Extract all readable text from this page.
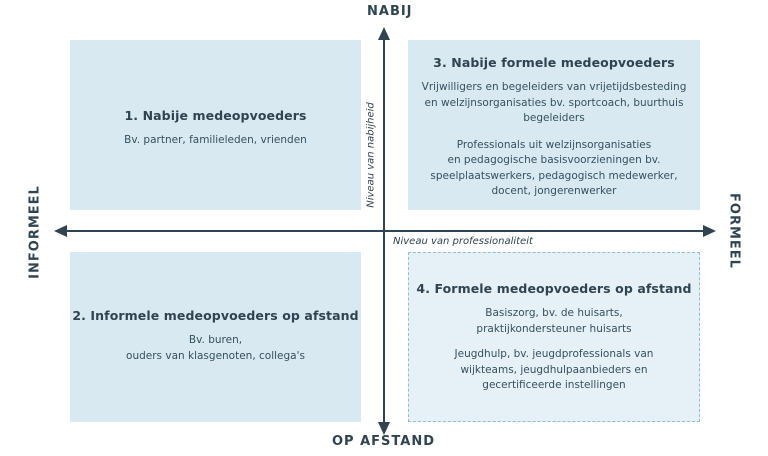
1. Nabije medeopvoeders

Bv. partner, familieleden, vrienden

2. Informele medeopvoeders op afstand

Bv. buren,
ouders van klasgenoten, collega's

3. Nabije formele medeopvoeders

Vrijwilligers en begeleiders van vrijetijdsbesteding
en welzijnsorganisaties bv. sportcoach, buurthuis
begeleiders

Professionals uit welzijnsorganisaties
en pedagogische basisvoorzieningen bv.
speelplaatswerkers, pedagogisch medewerker,
docent, jongerenwerker

4. Formele medeopvoeders op afstand

Basiszorg, bv. de huisarts,
praktijkondersteuner huisarts

Jeugdhulp, bv. jeugdprofessionals van
wijkteams, jeugdhulpaanbieders en
gecertificeerde instellingen

NABIJ
OP AFSTAND
INFORMEEL	FORMEEL
Niveau van nabijheid
Niveau van professionaliteit
